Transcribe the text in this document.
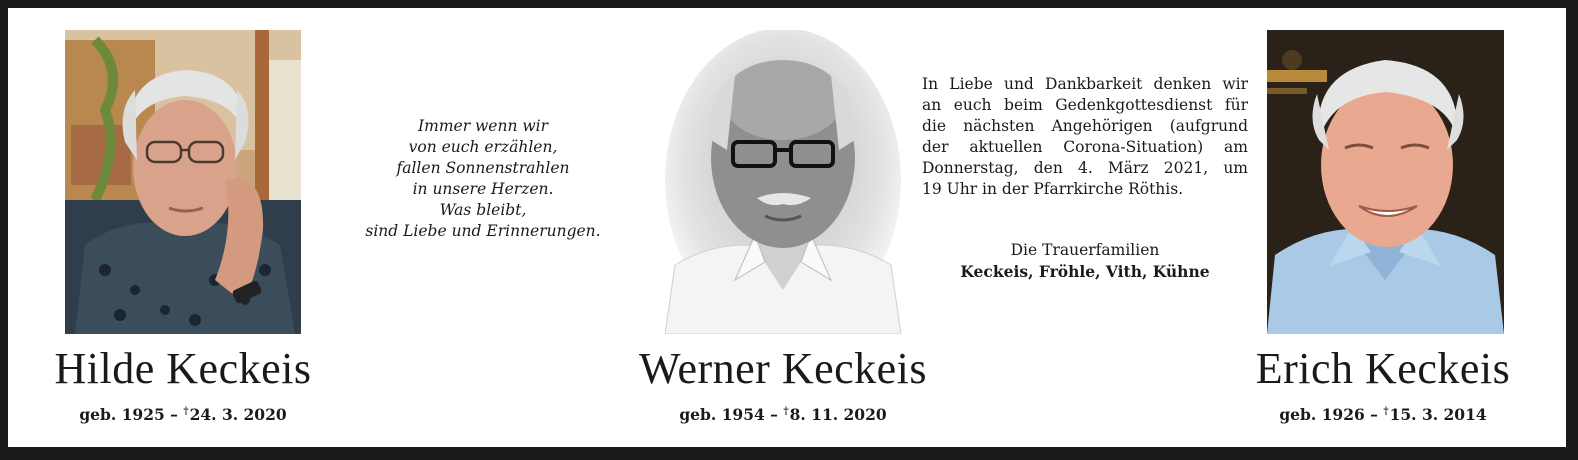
Immer wenn wir
von euch erzählen,
fallen Sonnenstrahlen
in unsere Herzen.
Was bleibt,
sind Liebe und Erinnerungen.
In Liebe und Dankbarkeit denken wir
an euch beim Gedenkgottesdienst für
die nächsten Angehörigen (aufgrund
der aktuellen Corona-Situation) am
Donnerstag, den 4. März 2021, um
19 Uhr in der Pfarrkirche Röthis.
Die Trauerfamilien
Keckeis, Fröhle, Vith, Kühne
Hilde Keckeis
geb. 1925 – †24. 3. 2020
Werner Keckeis
geb. 1954 – †8. 11. 2020
Erich Keckeis
geb. 1926 – †15. 3. 2014
